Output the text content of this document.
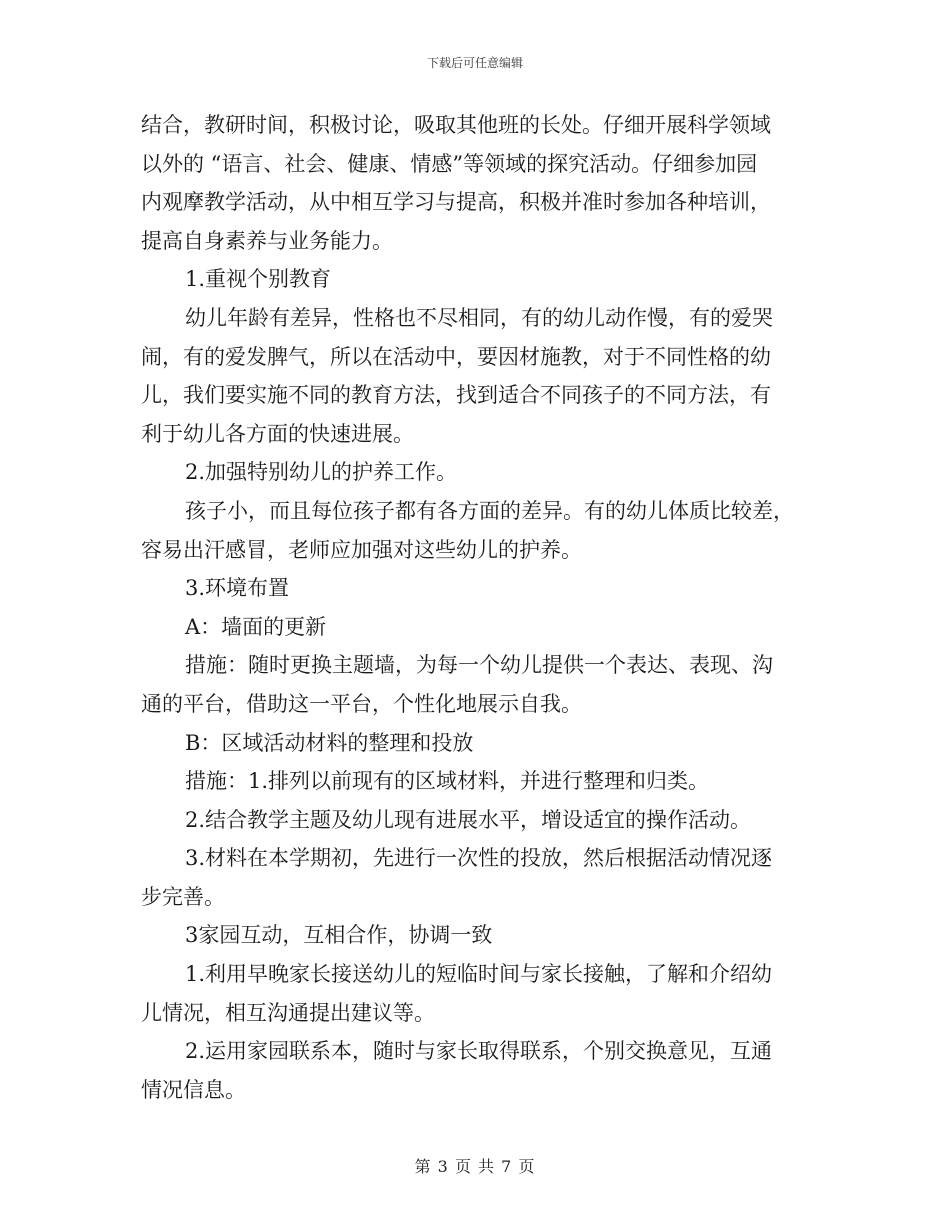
下载后可任意编辑
结合，教研时间，积极讨论，吸取其他班的长处。仔细开展科学领域
以外的 “语言、社会、健康、情感”等领域的探究活动。仔细参加园
内观摩教学活动，从中相互学习与提高，积极并准时参加各种培训，
提高自身素养与业务能力。
1.重视个别教育
幼儿年龄有差异，性格也不尽相同，有的幼儿动作慢，有的爱哭
闹，有的爱发脾气，所以在活动中，要因材施教，对于不同性格的幼
儿，我们要实施不同的教育方法，找到适合不同孩子的不同方法，有
利于幼儿各方面的快速进展。
2.加强特别幼儿的护养工作。
孩子小，而且每位孩子都有各方面的差异。有的幼儿体质比较差，
容易出汗感冒，老师应加强对这些幼儿的护养。
3.环境布置
A：墙面的更新
措施：随时更换主题墙，为每一个幼儿提供一个表达、表现、沟
通的平台，借助这一平台，个性化地展示自我。
B：区域活动材料的整理和投放
措施：1.排列以前现有的区域材料，并进行整理和归类。
2.结合教学主题及幼儿现有进展水平，增设适宜的操作活动。
3.材料在本学期初，先进行一次性的投放，然后根据活动情况逐
步完善。
3家园互动，互相合作，协调一致
1.利用早晚家长接送幼儿的短临时间与家长接触，了解和介绍幼
儿情况，相互沟通提出建议等。
2.运用家园联系本，随时与家长取得联系，个别交换意见，互通
情况信息。
第 3 页 共 7 页
